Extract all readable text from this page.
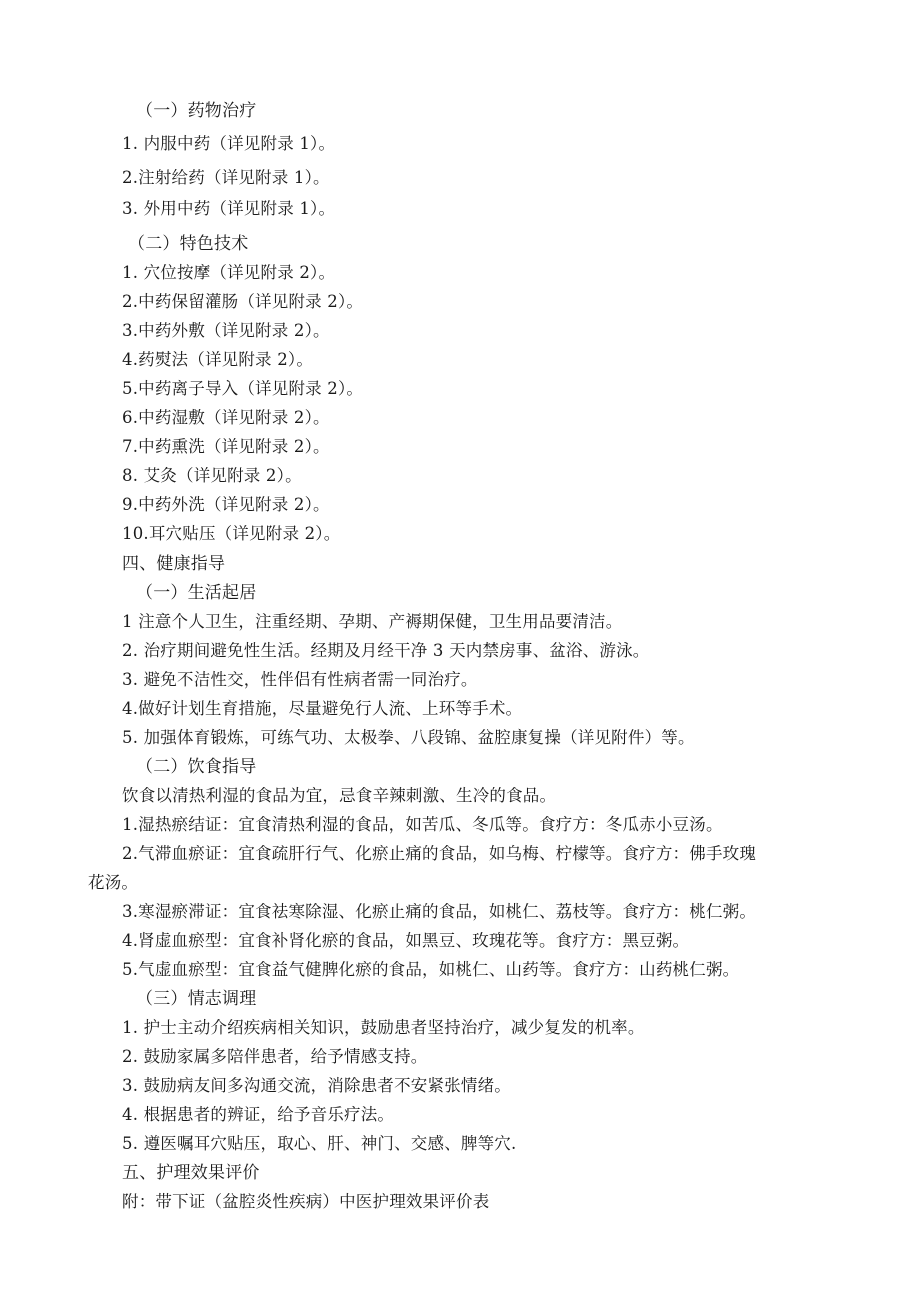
（一）药物治疗
1. 内服中药（详见附录 1）。
2.注射给药（详见附录 1）。
3. 外用中药（详见附录 1）。
（二）特色技术
1. 穴位按摩（详见附录 2）。
2.中药保留灌肠（详见附录 2）。
3.中药外敷（详见附录 2）。
4.药熨法（详见附录 2）。
5.中药离子导入（详见附录 2）。
6.中药湿敷（详见附录 2）。
7.中药熏洗（详见附录 2）。
8. 艾灸（详见附录 2）。
9.中药外洗（详见附录 2）。
10.耳穴贴压（详见附录 2）。
四、健康指导
（一）生活起居
1 注意个人卫生，注重经期、孕期、产褥期保健，卫生用品要清洁。
2. 治疗期间避免性生活。经期及月经干净 3 天内禁房事、盆浴、游泳。
3. 避免不洁性交，性伴侣有性病者需一同治疗。
4.做好计划生育措施，尽量避免行人流、上环等手术。
5. 加强体育锻炼，可练气功、太极拳、八段锦、盆腔康复操（详见附件）等。
（二）饮食指导
饮食以清热利湿的食品为宜，忌食辛辣刺激、生冷的食品。
1.湿热瘀结证：宜食清热利湿的食品，如苦瓜、冬瓜等。食疗方：冬瓜赤小豆汤。
2.气滞血瘀证：宜食疏肝行气、化瘀止痛的食品，如乌梅、柠檬等。食疗方：佛手玫瑰
花汤。
3.寒湿瘀滞证：宜食祛寒除湿、化瘀止痛的食品，如桃仁、荔枝等。食疗方：桃仁粥。
4.肾虚血瘀型：宜食补肾化瘀的食品，如黑豆、玫瑰花等。食疗方：黑豆粥。
5.气虚血瘀型：宜食益气健脾化瘀的食品，如桃仁、山药等。食疗方：山药桃仁粥。
（三）情志调理
1. 护士主动介绍疾病相关知识，鼓励患者坚持治疗，减少复发的机率。
2. 鼓励家属多陪伴患者，给予情感支持。
3. 鼓励病友间多沟通交流，消除患者不安紧张情绪。
4. 根据患者的辨证，给予音乐疗法。
5. 遵医嘱耳穴贴压，取心、肝、神门、交感、脾等穴.
五、护理效果评价
附：带下证（盆腔炎性疾病）中医护理效果评价表
